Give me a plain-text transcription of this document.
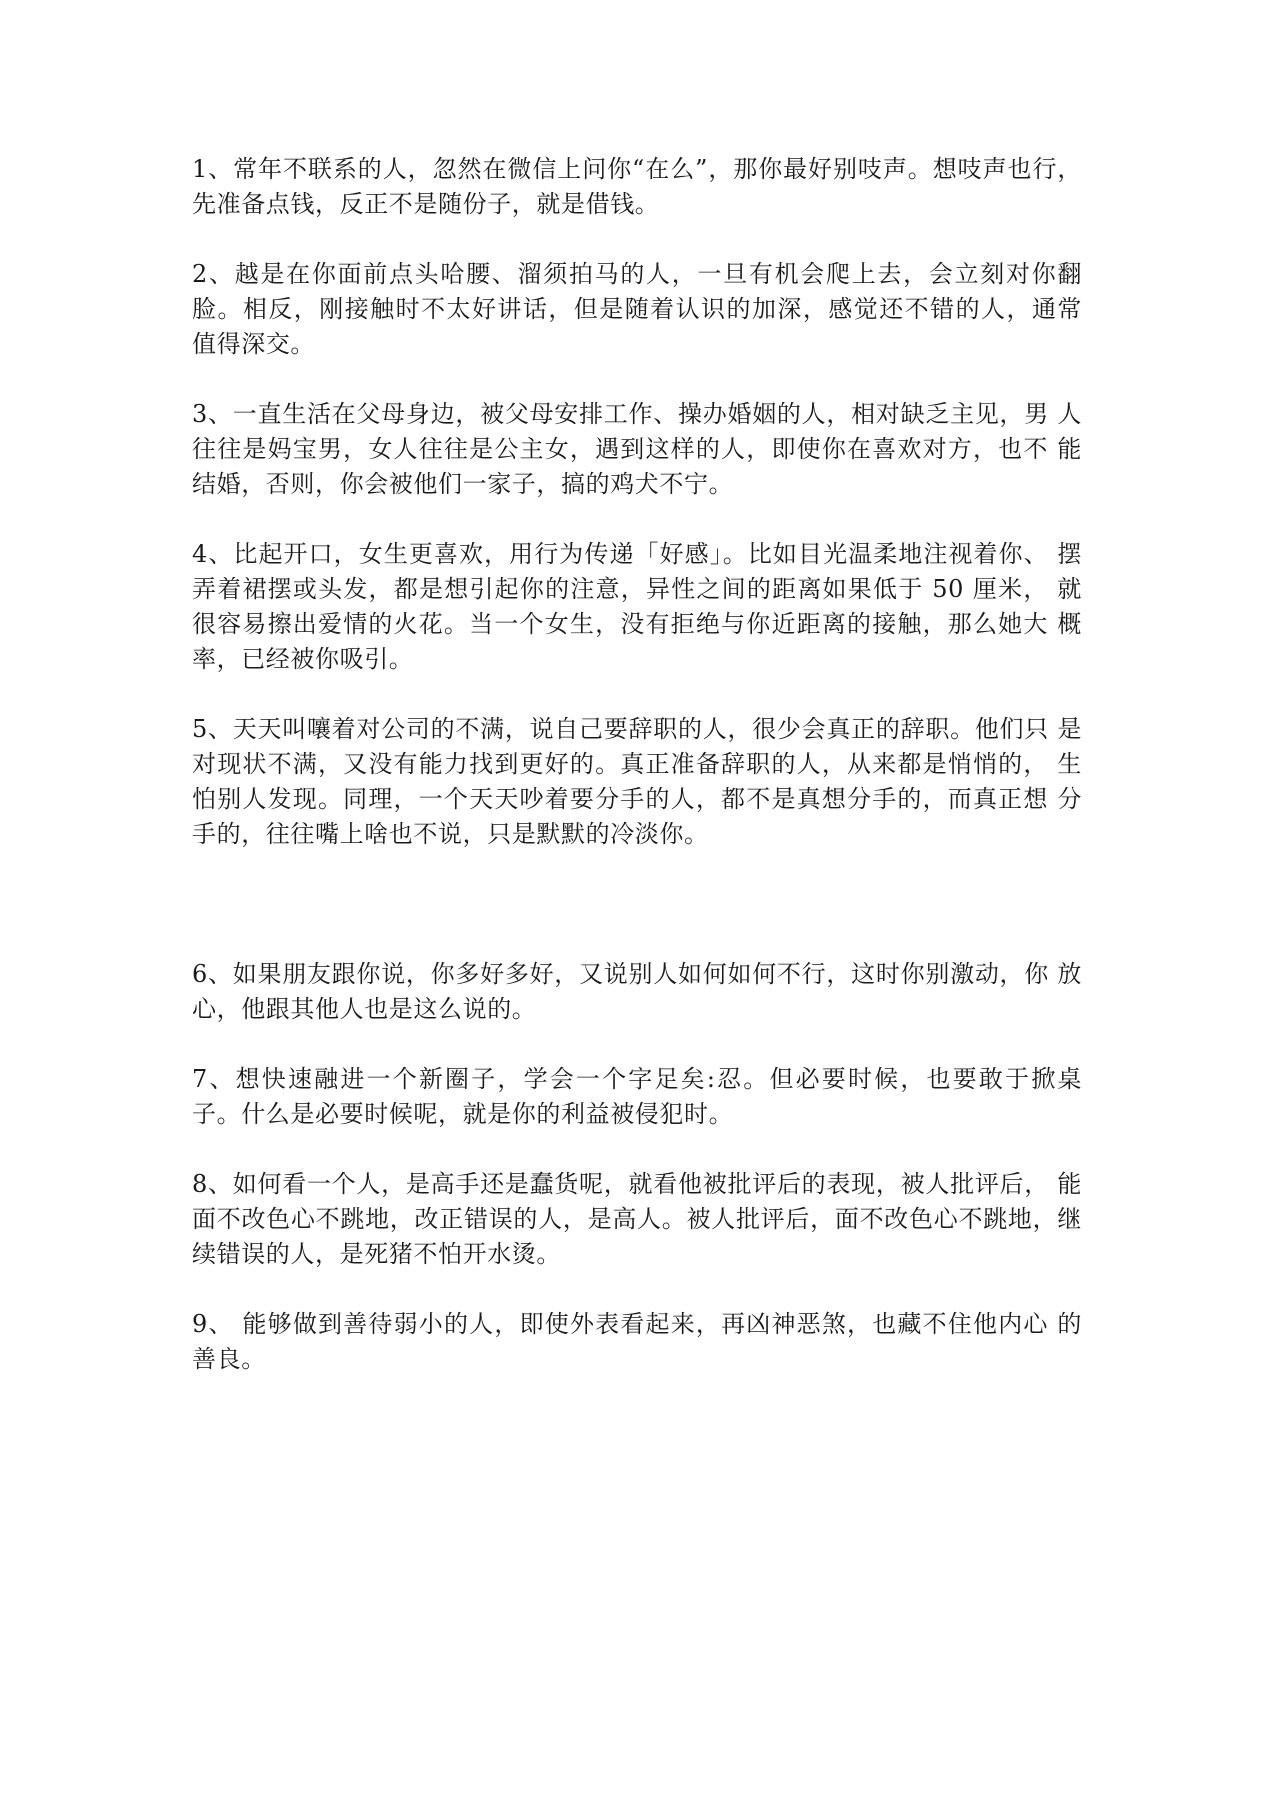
1、常年不联系的人，忽然在微信上问你“在么”，那你最好别吱声。想吱声也行，先准备点钱，反正不是随份子，就是借钱。

2、越是在你面前点头哈腰、溜须拍马的人，一旦有机会爬上去，会立刻对你翻 脸。相反，刚接触时不太好讲话，但是随着认识的加深，感觉还不错的人，通常 值得深交。

3、一直生活在父母身边，被父母安排工作、操办婚姻的人，相对缺乏主见，男 人往往是妈宝男，女人往往是公主女，遇到这样的人，即使你在喜欢对方，也不 能结婚，否则，你会被他们一家子，搞的鸡犬不宁。

4、比起开口，女生更喜欢，用行为传递「好感」。比如目光温柔地注视着你、 摆弄着裙摆或头发，都是想引起你的注意，异性之间的距离如果低于 50 厘米， 就很容易擦出爱情的火花。当一个女生，没有拒绝与你近距离的接触，那么她大 概率，已经被你吸引。

5、天天叫嚷着对公司的不满，说自己要辞职的人，很少会真正的辞职。他们只 是对现状不满，又没有能力找到更好的。真正准备辞职的人，从来都是悄悄的， 生怕别人发现。同理，一个天天吵着要分手的人，都不是真想分手的，而真正想 分手的，往往嘴上啥也不说，只是默默的冷淡你。

6、如果朋友跟你说，你多好多好，又说别人如何如何不行，这时你别激动，你 放心，他跟其他人也是这么说的。

7、想快速融进一个新圈子，学会一个字足矣:忍。但必要时候，也要敢于掀桌 子。什么是必要时候呢，就是你的利益被侵犯时。

8、如何看一个人，是高手还是蠢货呢，就看他被批评后的表现，被人批评后， 能面不改色心不跳地，改正错误的人，是高人。被人批评后，面不改色心不跳地，继续错误的人，是死猪不怕开水烫。

9、 能够做到善待弱小的人，即使外表看起来，再凶神恶煞，也藏不住他内心 的善良。
